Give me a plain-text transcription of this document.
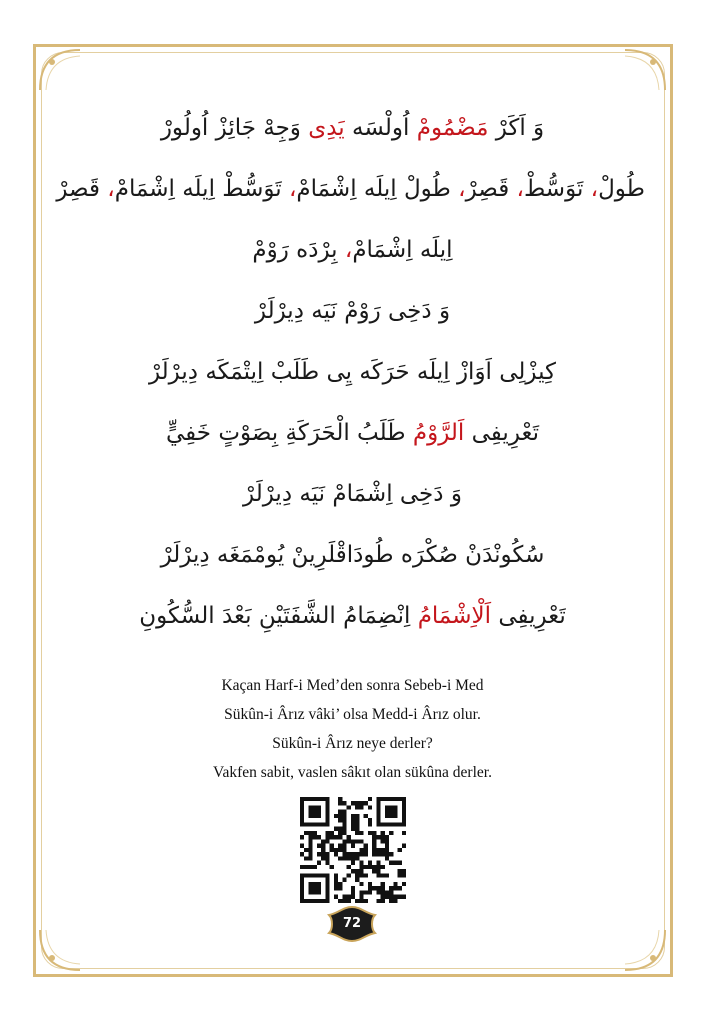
وَ اَكَرْ مَضْمُومْ اُولْسَه يَدِى وَجِهْ جَائِزْ اُولُورْ
طُولْ، تَوَسُّطْ، قَصِرْ، طُولْ اِيلَه اِشْمَامْ، تَوَسُّطْ اِيلَه اِشْمَامْ، قَصِرْ
اِيلَه اِشْمَامْ، بِرْدَه رَوْمْ
وَ دَخِى رَوْمْ نَيَه دِيرْلَرْ
كِيزْلِى اَوَازْ اِيلَه حَرَكَه يِى طَلَبْ اِيتْمَكَه دِيرْلَرْ
تَعْرِيفِى اَلرَّوْمُ طَلَبُ الْحَرَكَةِ بِصَوْتٍ خَفِيٍّ
وَ دَخِى اِشْمَامْ نَيَه دِيرْلَرْ
سُكُونْدَنْ صُكْرَه طُودَاقْلَرِينْ يُومْمَغَه دِيرْلَرْ
تَعْرِيفِى اَلْاِشْمَامُ اِنْضِمَامُ الشَّفَتَيْنِ بَعْدَ السُّكُونِ
Kaçan Harf-i Med’den sonra Sebeb-i Med
Sükûn-i Ârız vâki’ olsa Medd-i Ârız olur.
Sükûn-i Ârız neye derler?
Vakfen sabit, vaslen sâkıt olan sükûna derler.
72
